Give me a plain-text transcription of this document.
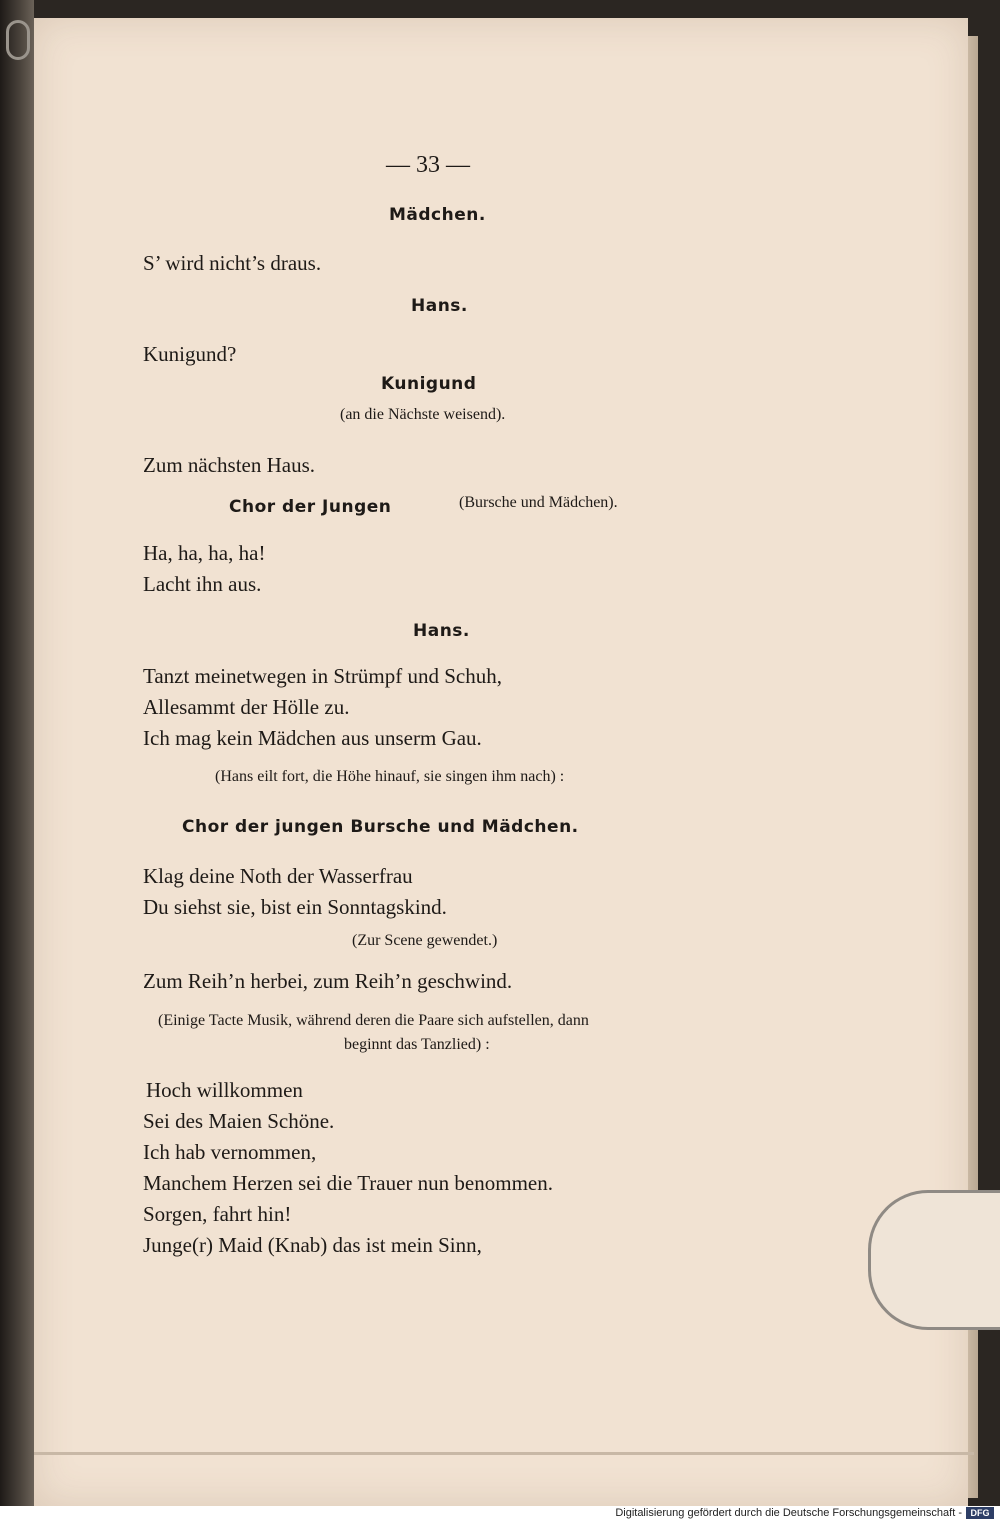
— 33 —
Mädchen.
S’ wird nicht’s draus.
Hans.
Kunigund?
Kunigund
(an die Nächste weisend).
Zum nächsten Haus.
Chor der Jungen	(Bursche und Mädchen).
Ha, ha, ha, ha!
Lacht ihn aus.
Hans.
Tanzt meinetwegen in Strümpf und Schuh,
Allesammt der Hölle zu.
Ich mag kein Mädchen aus unserm Gau.
(Hans eilt fort, die Höhe hinauf, sie singen ihm nach) :
Chor der jungen Bursche und Mädchen.
Klag deine Noth der Wasserfrau
Du siehst sie, bist ein Sonntagskind.
(Zur Scene gewendet.)
Zum Reih’n herbei, zum Reih’n geschwind.
(Einige Tacte Musik, während deren die Paare sich aufstellen, dann
beginnt das Tanzlied) :
Hoch willkommen
Sei des Maien Schöne.
Ich hab vernommen,
Manchem Herzen sei die Trauer nun benommen.
Sorgen, fahrt hin!
Junge(r) Maid (Knab) das ist mein Sinn,
Digitalisierung gefördert durch die Deutsche Forschungsgemeinschaft - DFG
